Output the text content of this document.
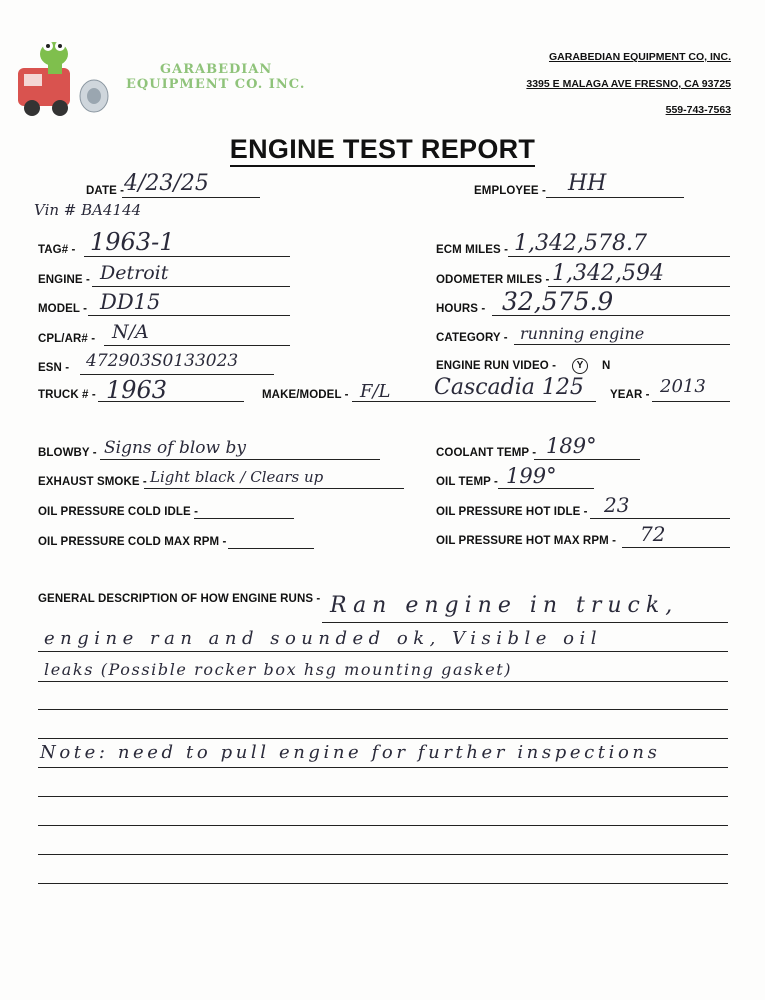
GARABEDIAN
EQUIPMENT CO. INC.
GARABEDIAN EQUIPMENT CO, INC.
3395 E MALAGA AVE FRESNO, CA 93725
559-743-7563
ENGINE TEST REPORT
DATE - 4/23/25
Vin # BA4144
EMPLOYEE - HH
TAG# - 1963-1	ECM MILES - 1,342,578.7
ENGINE - Detroit	ODOMETER MILES - 1,342,594
MODEL - DD15	HOURS - 32,575.9
CPL/AR# - N/A	CATEGORY - running engine
ESN - 472903S0133023	ENGINE RUN VIDEO -	Y	N
TRUCK # - 1963	MAKE/MODEL - F/L Cascadia 125 YEAR - 2013
BLOWBY - Signs of blow by	COOLANT TEMP - 189°
EXHAUST SMOKE - Light black / Clears up	OIL TEMP - 199°
OIL PRESSURE COLD IDLE -	OIL PRESSURE HOT IDLE - 23
OIL PRESSURE COLD MAX RPM -	OIL PRESSURE HOT MAX RPM - 72
GENERAL DESCRIPTION OF HOW ENGINE RUNS - Ran engine in truck,
engine ran and sounded ok, Visible oil
leaks (Possible rocker box hsg mounting gasket)
Note: need to pull engine for further inspections
